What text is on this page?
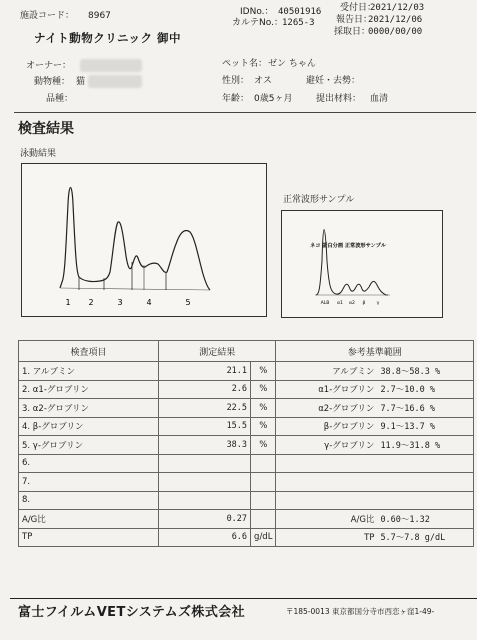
施設コード： 8967
ナイト動物クリニック 御中
IDNo.： 40501916
カルテNo.： 1265-3
受付日：
2021/12/03
報告日：
2021/12/06
採取日：
0000/00/00
オーナー：
動物種： 猫
品種：
ペット名： ゼン ちゃん
性別： オス	避妊・去勢：
年齢： 0歳5ヶ月	提出材料： 血清
検査結果
泳動結果
1 2	3	4	5
正常波形サンプル
ネコ 蛋白分画 正常波形サンプル
ALB α1 α2 β γ
検査項目	測定結果		参考基準範囲
1. アルブミン	21.1	%	アルブミン 38.8～58.3 %
2. α1-グロブリン	2.6	%	α1-グロブリン 2.7～10.0 %
3. α2-グロブリン	22.5	%	α2-グロブリン 7.7～16.6 %
4. β-グロブリン	15.5	%	β-グロブリン 9.1～13.7 %
5. γ-グロブリン	38.3	%	γ-グロブリン 11.9～31.8 %
6.			
7.			
8.			
A/G比	0.27		A/G比 0.60～1.32
TP	6.6	g/dL	TP 5.7～7.8 g/dL
富士フイルムVETシステムズ株式会社	〒185-0013 東京都国分寺市西恋ヶ窪1-49-
